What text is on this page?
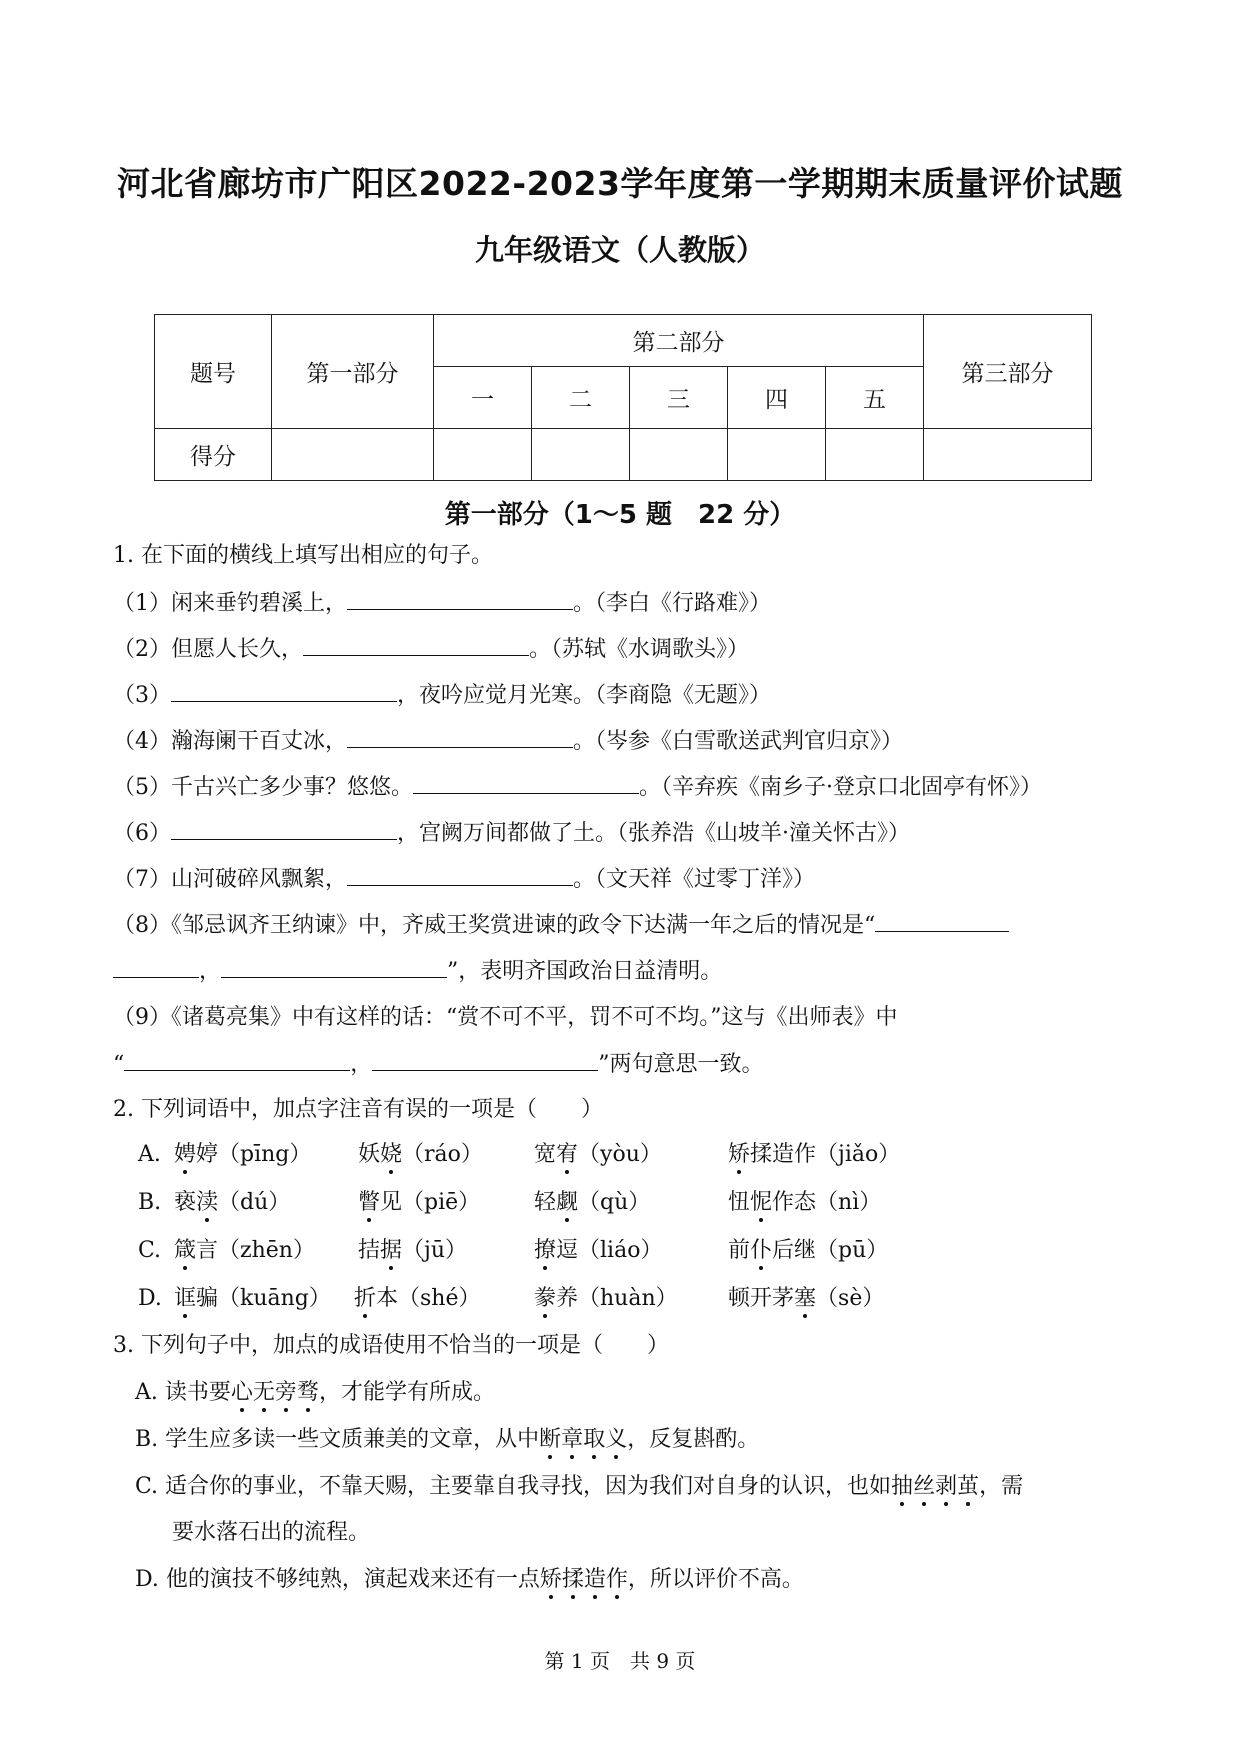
河北省廊坊市广阳区2022-2023学年度第一学期期末质量评价试题
九年级语文（人教版）
题号	第一部分	第二部分					第三部分
		一	二	三	四	五	
得分							
第一部分（1～5 题　 22 分）
1. 在下面的横线上填写出相应的句子。
（1）闲来垂钓碧溪上，	。（李白《行路难》）
（2）但愿人长久，	。（苏轼《水调歌头》）
（3）	，夜吟应觉月光寒。（李商隐《无题》）
（4）瀚海阑干百丈冰，	。（岑参《白雪歌送武判官归京》）
（5）千古兴亡多少事？悠悠。	。（辛弃疾《南乡子·登京口北固亭有怀》）
（6）	，宫阙万间都做了土。（张养浩《山坡羊·潼关怀古》）
（7）山河破碎风飘絮，	。（文天祥《过零丁洋》）
（8）《邹忌讽齐王纳谏》中，齐威王奖赏进谏的政令下达满一年之后的情况是“
，	”，表明齐国政治日益清明。
（9）《诸葛亮集》中有这样的话：“赏不可不平，罚不可不均。”这与《出师表》中
“	，	”两句意思一致。
2. 下列词语中，加点字注音有误的一项是（　　）
A. 娉婷（pīng） 妖娆（ráo） 宽宥（yòu）	矫揉造作（jiǎo）
B. 亵渎（dú）	瞥见（piē） 轻觑（qù）	忸怩作态（nì）
C. 箴言（zhēn） 拮据（jū）	撩逗（liáo）	前仆后继（pū）
D. 诓骗（kuāng） 折本（shé） 豢养（huàn） 顿开茅塞（sè）
3. 下列句子中，加点的成语使用不恰当的一项是（　　）
A. 读书要心无旁骛，才能学有所成。
B. 学生应多读一些文质兼美的文章，从中断章取义，反复斟酌。
C. 适合你的事业，不靠天赐，主要靠自我寻找，因为我们对自身的认识，也如抽丝剥茧，需
要水落石出的流程。
D. 他的演技不够纯熟，演起戏来还有一点矫揉造作，所以评价不高。
第 1 页　共 9 页
